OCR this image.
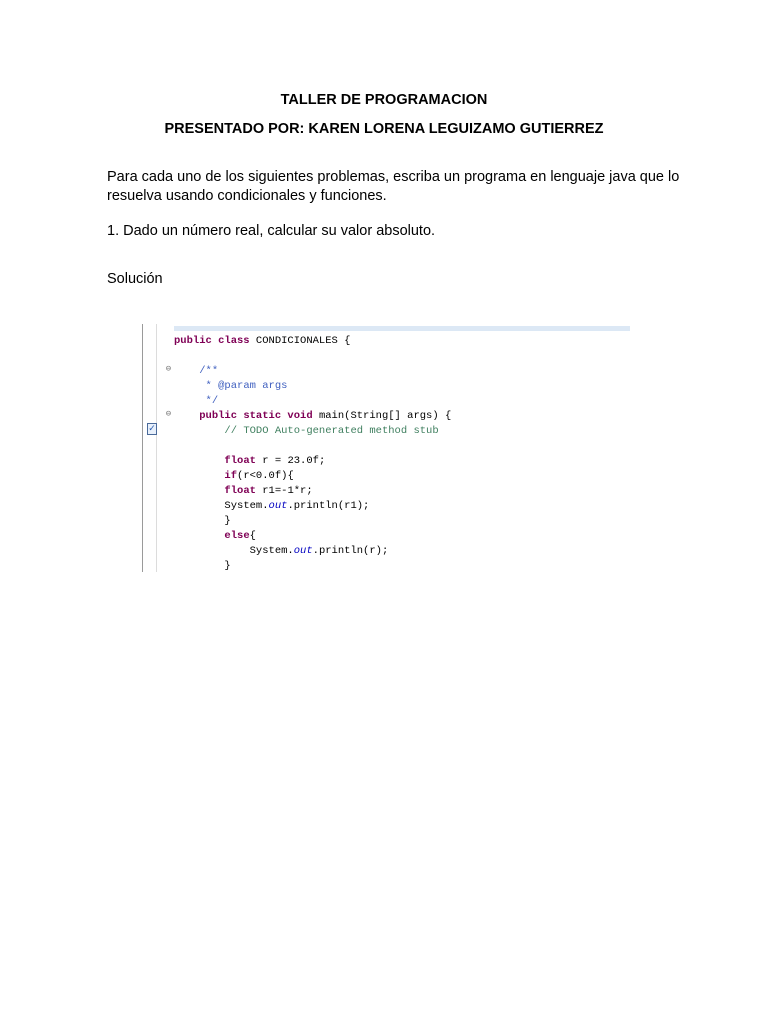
TALLER DE PROGRAMACION
PRESENTADO POR: KAREN LORENA LEGUIZAMO GUTIERREZ
Para cada uno de los siguientes problemas, escriba un programa en lenguaje java que lo resuelva usando condicionales y funciones.
1. Dado un número real, calcular su valor absoluto.
Solución
⊖
⊖
✓
public class CONDICIONALES {

/**
* @param args
*/
public static void main(String[] args) {
// TODO Auto-generated method stub

float r = 23.0f;
if(r<0.0f){
float r1=-1*r;
System.out.println(r1);
}
else{
System.out.println(r);
}
